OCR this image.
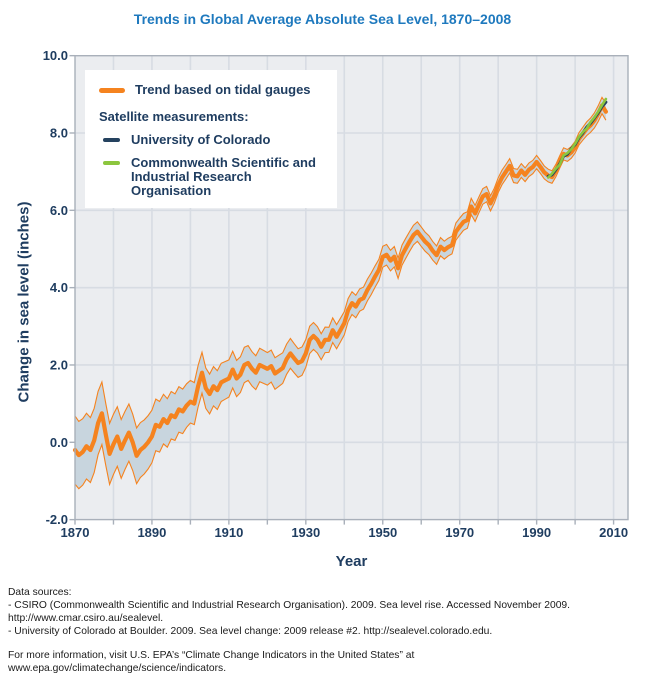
Trends in Global Average Absolute Sea Level, 1870–2008
1870	1890	1910	1930	1950	1970	1990	2010
10.0
8.0
6.0
4.0
2.0
0.0
-2.0
Trend based on tidal gauges
Satellite measurements:
University of Colorado
Commonwealth Scientific and Industrial Research Organisation
Change in sea level (inches)
Year
Data sources:
- CSIRO (Commonwealth Scientific and Industrial Research Organisation). 2009. Sea level rise. Accessed November 2009.
http://www.cmar.csiro.au/sealevel.
- University of Colorado at Boulder. 2009. Sea level change: 2009 release #2. http://sealevel.colorado.edu.
For more information, visit U.S. EPA’s “Climate Change Indicators in the United States” at
www.epa.gov/climatechange/science/indicators.
